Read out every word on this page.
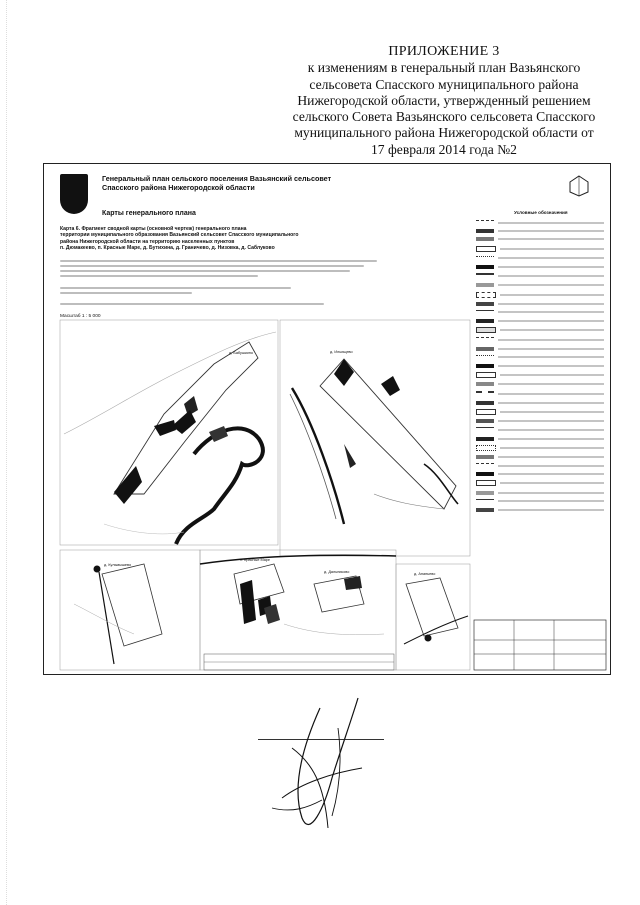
ПРИЛОЖЕНИЕ 3
к изменениям в генеральный план Вазьянского
сельсовета Спасского муниципального района
Нижегородской области, утвержденный решением
сельского Совета Вазьянского сельсовета Спасского
муниципального района Нижегородской области от
17 февраля 2014 года №2
Генеральный план сельского поселения Вазьянский сельсовет
Спасского района Нижегородской области
Карты генерального плана
Карта 6. Фрагмент сводной карты (основной чертеж) генерального плана
территории муниципального образования Вазьянский сельсовет Спасского муниципального
района Нижегородской области на территорию населенных пунктов
п. Дюмакеево, п. Красные Маре, д. Бутихина, д. Граничево, д. Низовка, д. Саблуково
Масштаб 1 : 5 000
Условные обозначения
д. Бабушкино	д. Ильищево
д. Кульмышево
п. Красные Маре
д. Дальниково	д. Ананьево
